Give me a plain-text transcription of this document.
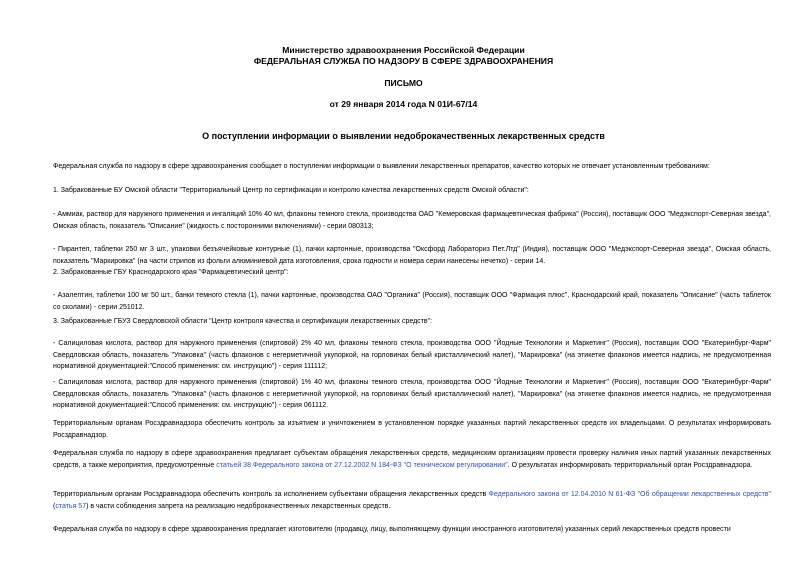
Министерство здравоохранения Российской Федерации
ФЕДЕРАЛЬНАЯ СЛУЖБА ПО НАДЗОРУ В СФЕРЕ ЗДРАВООХРАНЕНИЯ
ПИСЬМО
от 29 января 2014 года N 01И-67/14
О поступлении информации о выявлении недоброкачественных лекарственных средств

Федеральная служба по надзору в сфере здравоохранения сообщает о поступлении информации о выявлении лекарственных препаратов, качество которых не отвечает установленным требованиям:

1. Забракованные БУ Омской области "Территориальный Центр по сертификации и контролю качества лекарственных средств Омской области":

- Аммиак, раствор для наружного применения и ингаляций 10% 40 мл, флаконы темного стекла, производства ОАО "Кемеровская фармацевтическая фабрика" (Россия), поставщик ООО "Медэкспорт-Северная звезда", Омская область, показатель "Описание" (жидкость с посторонними включениями) - серии 080313;

- Пирантел, таблетки 250 мг 3 шт., упаковки безъячейковые контурные (1), пачки картонные, производства "Оксфорд Лабораториз Пет.Лтд" (Индия), поставщик ООО "Медэкспорт-Северная звезда", Омская область, показатель "Маркировка" (на части стрипов из фольги алюминиевой дата изготовления, срока годности и номера серии нанесены нечетко) - серии 14.

2. Забракованные ГБУ Краснодарского края "Фармацевтический центр":

- Азалептин, таблетки 100 мг 50 шт., банки темного стекла (1), пачки картонные, производства ОАО "Органика" (Россия), поставщик ООО "Фармация плюс", Краснодарский край, показатель "Описание" (часть таблеток со сколами) - серии 251012.

3. Забракованные ГБУЗ Свердловской области "Центр контроля качества и сертификации лекарственных средств":

- Салициловая кислота, раствор для наружного применения (спиртовой) 2% 40 мл, флаконы темного стекла, производства ООО "Йодные Технологии и Маркетинг" (Россия), поставщик ООО "Екатеринбург-Фарм" Свердловская область, показатель "Упаковка" (часть флаконов с негерметичной укупоркой, на горловинах белый кристаллический налет), "Маркировка" (на этикетке флаконов имеется надпись, не предусмотренная нормативной документацией:"Способ применения: см. инструкцию") - серия 111112;

- Салициловая кислота, раствор для наружного применения (спиртовой) 1% 40 мл, флаконы темного стекла, производства ООО "Йодные Технологии и Маркетинг" (Россия), поставщик ООО "Екатеринбург-Фарм" Свердловская область, показатель "Упаковка" (часть флаконов с негерметичной укупоркой, на горловинах белый кристаллический налет), "Маркировка" (на этикетке флаконов имеется надпись, не предусмотренная нормативной документацией:"Способ применения: см. инструкцию") - серия 061112.

Территориальным органам Росздравнадзора обеспечить контроль за изъятием и уничтожением в установленном порядке указанных партий лекарственных средств их владельцами. О результатах информировать Росздравнадзор.

Федеральная служба по надзору в сфере здравоохранения предлагает субъектам обращения лекарственных средств, медицинским организациям провести проверку наличия иных партий указанных лекарственных средств, а также мероприятия, предусмотренные статьей 38 Федерального закона от 27.12.2002 N 184-ФЗ "О техническом регулировании". О результатах информировать территориальный орган Росздравнадзора.

Территориальным органам Росздравнадзора обеспечить контроль за исполнением субъектами обращения лекарственных средств Федерального закона от 12.04.2010 N 61-ФЗ "Об обращении лекарственных средств" (статья 57) в части соблюдения запрета на реализацию недоброкачественных лекарственных средств.

Федеральная служба по надзору в сфере здравоохранения предлагает изготовителю (продавцу, лицу, выполняющему функции иностранного изготовителя) указанных серий лекарственных средств провести
